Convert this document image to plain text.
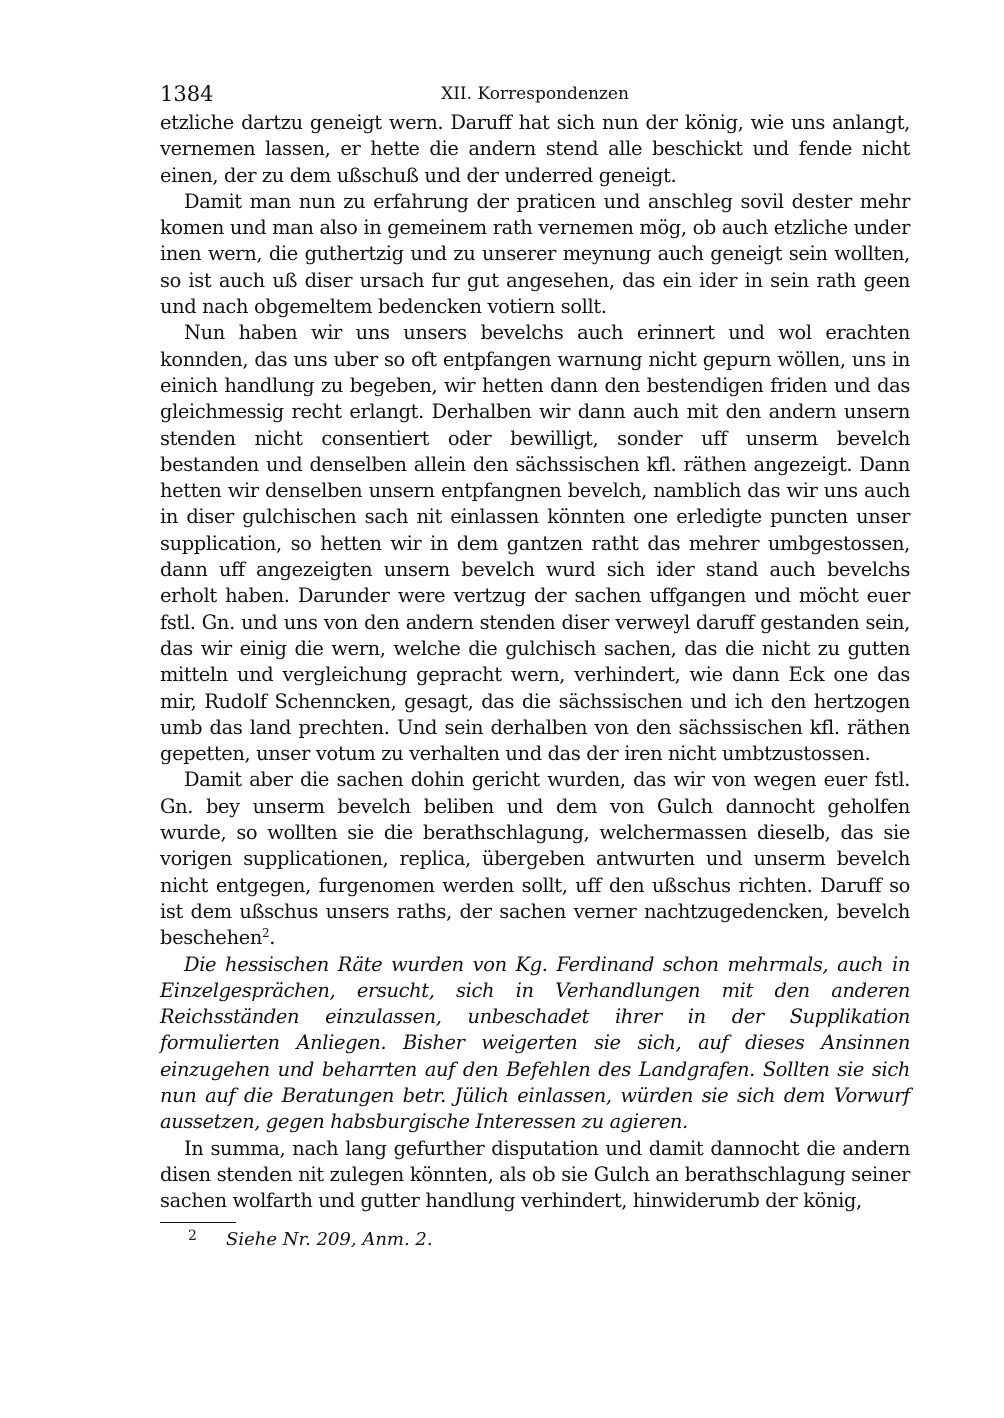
1384	XII. Korrespondenzen

etzliche dartzu geneigt wern. Daruff hat sich nun der könig, wie uns anlangt, vernemen lassen, er hette die andern stend alle beschickt und fende nicht einen, der zu dem ußschuß und der underred geneigt.

Damit man nun zu erfahrung der praticen und anschleg sovil dester mehr komen und man also in gemeinem rath vernemen mög, ob auch etzliche under inen wern, die guthertzig und zu unserer meynung auch geneigt sein wollten, so ist auch uß diser ursach fur gut angesehen, das ein ider in sein rath geen und nach obgemeltem bedencken votiern sollt.

Nun haben wir uns unsers bevelchs auch erinnert und wol erachten konnden, das uns uber so oft entpfangen warnung nicht gepurn wöllen, uns in einich handlung zu begeben, wir hetten dann den bestendigen friden und das gleichmessig recht erlangt. Derhalben wir dann auch mit den andern unsern stenden nicht consentiert oder bewilligt, sonder uff unserm bevelch bestanden und denselben allein den sächssischen kfl. räthen angezeigt. Dann hetten wir denselben unsern entpfangnen bevelch, namblich das wir uns auch in diser gulchischen sach nit einlassen könnten one erledigte puncten unser supplication, so hetten wir in dem gantzen ratht das mehrer umbgestossen, dann uff angezeigten unsern bevelch wurd sich ider stand auch bevelchs erholt haben. Darunder were vertzug der sachen uffgangen und möcht euer fstl. Gn. und uns von den andern stenden diser verweyl daruff gestanden sein, das wir einig die wern, welche die gulchisch sachen, das die nicht zu gutten mitteln und vergleichung gepracht wern, verhindert, wie dann Eck one das mir, Rudolf Schenncken, gesagt, das die sächssischen und ich den hertzogen umb das land prechten. Und sein derhalben von den sächssischen kfl. räthen gepetten, unser votum zu verhalten und das der iren nicht umbtzustossen.

Damit aber die sachen dohin gericht wurden, das wir von wegen euer fstl. Gn. bey unserm bevelch beliben und dem von Gulch dannocht geholfen wurde, so wollten sie die berathschlagung, welchermassen dieselb, das sie vorigen supplicationen, replica, übergeben antwurten und unserm bevelch nicht entgegen, furgenomen werden sollt, uff den ußschus richten. Daruff so ist dem ußschus unsers raths, der sachen verner nachtzugedencken, bevelch beschehen$^2$.

Die hessischen Räte wurden von Kg. Ferdinand schon mehrmals, auch in Einzelgesprächen, ersucht, sich in Verhandlungen mit den anderen Reichsständen einzulassen, unbeschadet ihrer in der Supplikation formulierten Anliegen. Bisher weigerten sie sich, auf dieses Ansinnen einzugehen und beharrten auf den Befehlen des Landgrafen. Sollten sie sich nun auf die Beratungen betr. Jülich einlassen, würden sie sich dem Vorwurf aussetzen, gegen habsburgische Interessen zu agieren.

In summa, nach lang gefurther disputation und damit dannocht die andern disen stenden nit zulegen könnten, als ob sie Gulch an berathschlagung seiner sachen wolfarth und gutter handlung verhindert, hinwiderumb der könig,

2 Siehe Nr. 209, Anm. 2.
